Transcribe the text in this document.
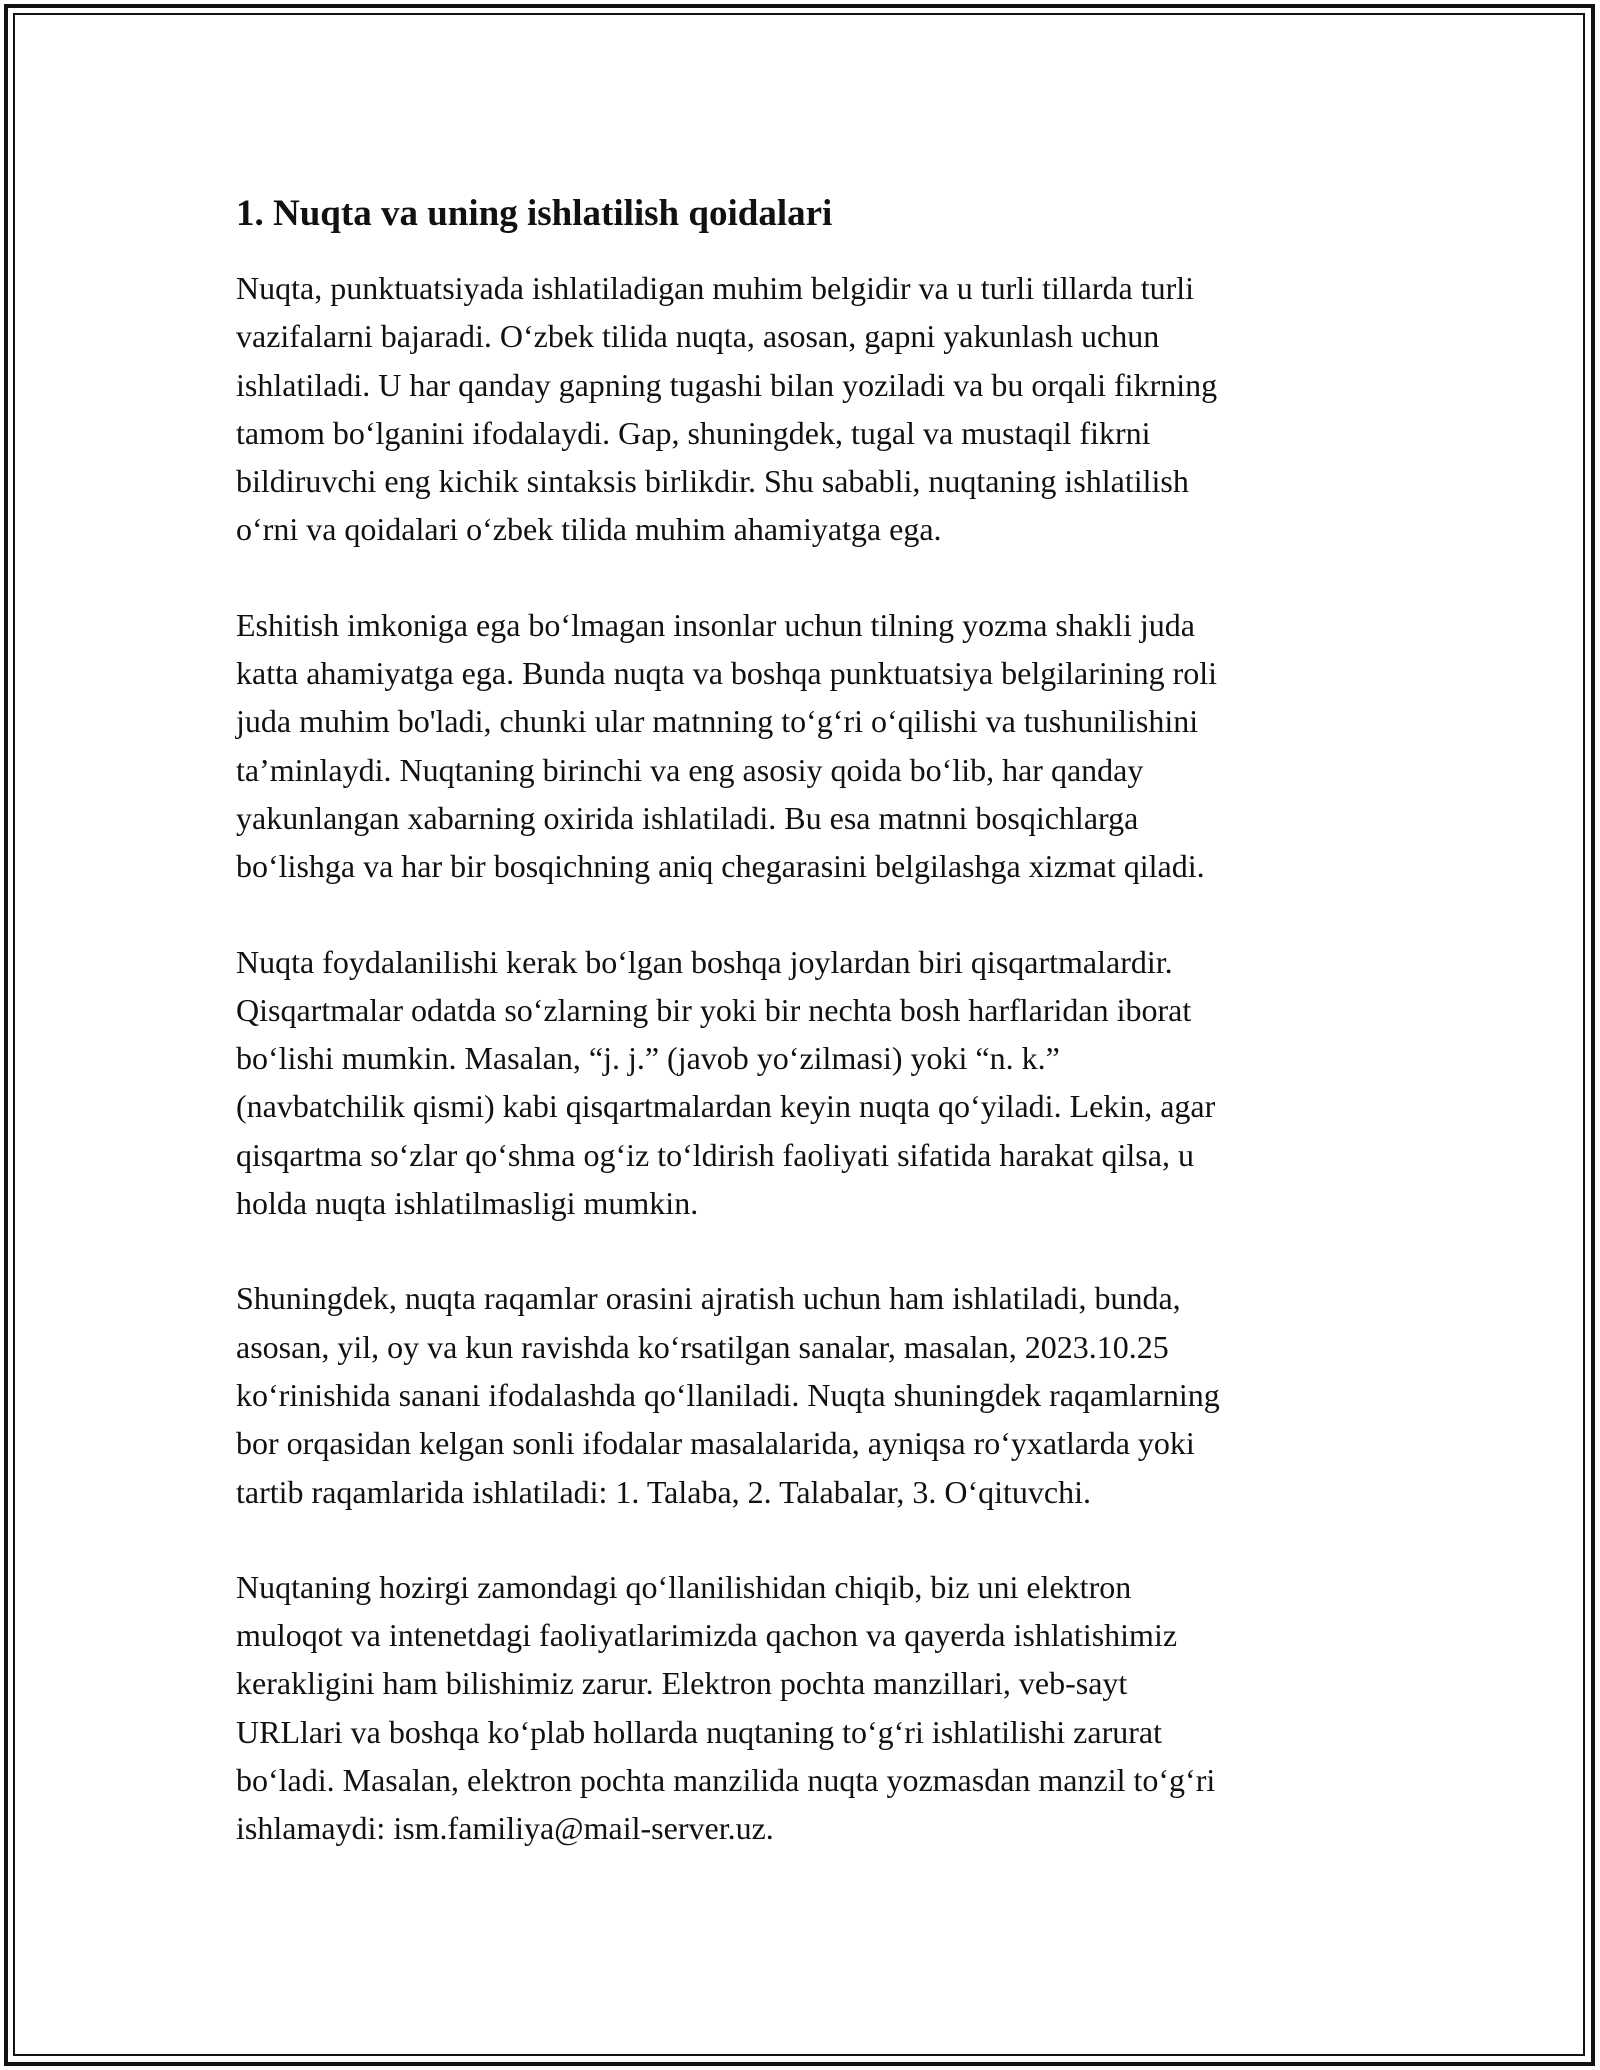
1. Nuqta va uning ishlatilish qoidalari

Nuqta, punktuatsiyada ishlatiladigan muhim belgidir va u turli tillarda turli
vazifalarni bajaradi. O‘zbek tilida nuqta, asosan, gapni yakunlash uchun
ishlatiladi. U har qanday gapning tugashi bilan yoziladi va bu orqali fikrning
tamom bo‘lganini ifodalaydi. Gap, shuningdek, tugal va mustaqil fikrni
bildiruvchi eng kichik sintaksis birlikdir. Shu sababli, nuqtaning ishlatilish
o‘rni va qoidalari o‘zbek tilida muhim ahamiyatga ega.

Eshitish imkoniga ega bo‘lmagan insonlar uchun tilning yozma shakli juda
katta ahamiyatga ega. Bunda nuqta va boshqa punktuatsiya belgilarining roli
juda muhim bo'ladi, chunki ular matnning to‘g‘ri o‘qilishi va tushunilishini
ta’minlaydi. Nuqtaning birinchi va eng asosiy qoida bo‘lib, har qanday
yakunlangan xabarning oxirida ishlatiladi. Bu esa matnni bosqichlarga
bo‘lishga va har bir bosqichning aniq chegarasini belgilashga xizmat qiladi.

Nuqta foydalanilishi kerak bo‘lgan boshqa joylardan biri qisqartmalardir.
Qisqartmalar odatda so‘zlarning bir yoki bir nechta bosh harflaridan iborat
bo‘lishi mumkin. Masalan, “j. j.” (javob yo‘zilmasi) yoki “n. k.”
(navbatchilik qismi) kabi qisqartmalardan keyin nuqta qo‘yiladi. Lekin, agar
qisqartma so‘zlar qo‘shma og‘iz to‘ldirish faoliyati sifatida harakat qilsa, u
holda nuqta ishlatilmasligi mumkin.

Shuningdek, nuqta raqamlar orasini ajratish uchun ham ishlatiladi, bunda,
asosan, yil, oy va kun ravishda ko‘rsatilgan sanalar, masalan, 2023.10.25
ko‘rinishida sanani ifodalashda qo‘llaniladi. Nuqta shuningdek raqamlarning
bor orqasidan kelgan sonli ifodalar masalalarida, ayniqsa ro‘yxatlarda yoki
tartib raqamlarida ishlatiladi: 1. Talaba, 2. Talabalar, 3. O‘qituvchi.

Nuqtaning hozirgi zamondagi qo‘llanilishidan chiqib, biz uni elektron
muloqot va intenetdagi faoliyatlarimizda qachon va qayerda ishlatishimiz
kerakligini ham bilishimiz zarur. Elektron pochta manzillari, veb-sayt
URLlari va boshqa ko‘plab hollarda nuqtaning to‘g‘ri ishlatilishi zarurat
bo‘ladi. Masalan, elektron pochta manzilida nuqta yozmasdan manzil to‘g‘ri
ishlamaydi: ism.familiya@mail-server.uz.
